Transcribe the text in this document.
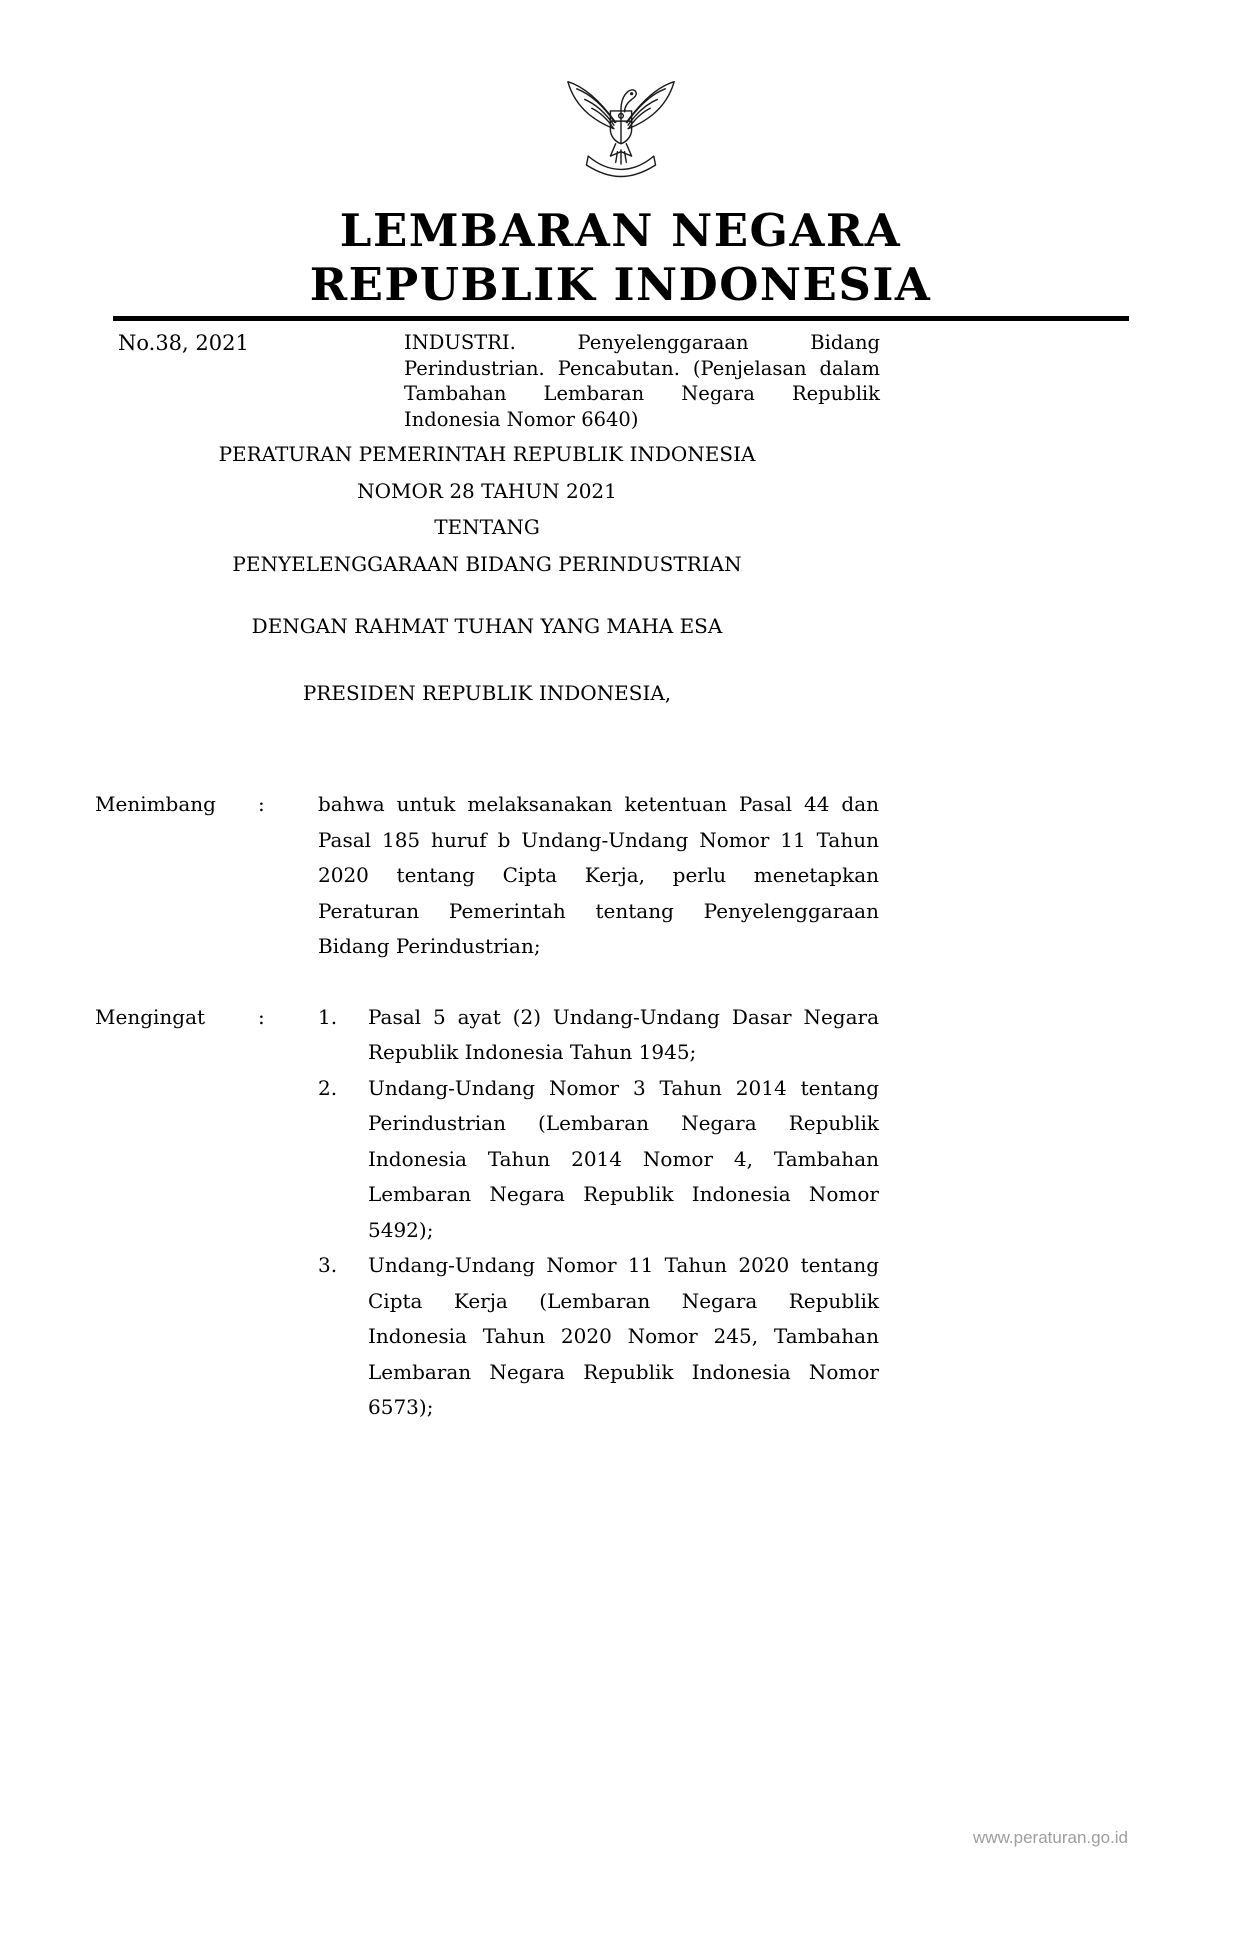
LEMBARAN NEGARA
REPUBLIK INDONESIA
No.38, 2021	INDUSTRI. Penyelenggaraan Bidang Perindustrian. Pencabutan. (Penjelasan dalam Tambahan Lembaran Negara Republik Indonesia Nomor 6640)
PERATURAN PEMERINTAH REPUBLIK INDONESIA
NOMOR 28 TAHUN 2021
TENTANG
PENYELENGGARAAN BIDANG PERINDUSTRIAN
DENGAN RAHMAT TUHAN YANG MAHA ESA
PRESIDEN REPUBLIK INDONESIA,
Menimbang	:	bahwa untuk melaksanakan ketentuan Pasal 44 dan Pasal 185 huruf b Undang-Undang Nomor 11 Tahun 2020 tentang Cipta Kerja, perlu menetapkan Peraturan Pemerintah tentang Penyelenggaraan Bidang Perindustrian;
Mengingat	:	1.	Pasal 5 ayat (2) Undang-Undang Dasar Negara Republik Indonesia Tahun 1945;
2.	Undang-Undang Nomor 3 Tahun 2014 tentang Perindustrian (Lembaran Negara Republik Indonesia Tahun 2014 Nomor 4, Tambahan Lembaran Negara Republik Indonesia Nomor 5492);
3.	Undang-Undang Nomor 11 Tahun 2020 tentang Cipta Kerja (Lembaran Negara Republik Indonesia Tahun 2020 Nomor 245, Tambahan Lembaran Negara Republik Indonesia Nomor 6573);
www.peraturan.go.id
